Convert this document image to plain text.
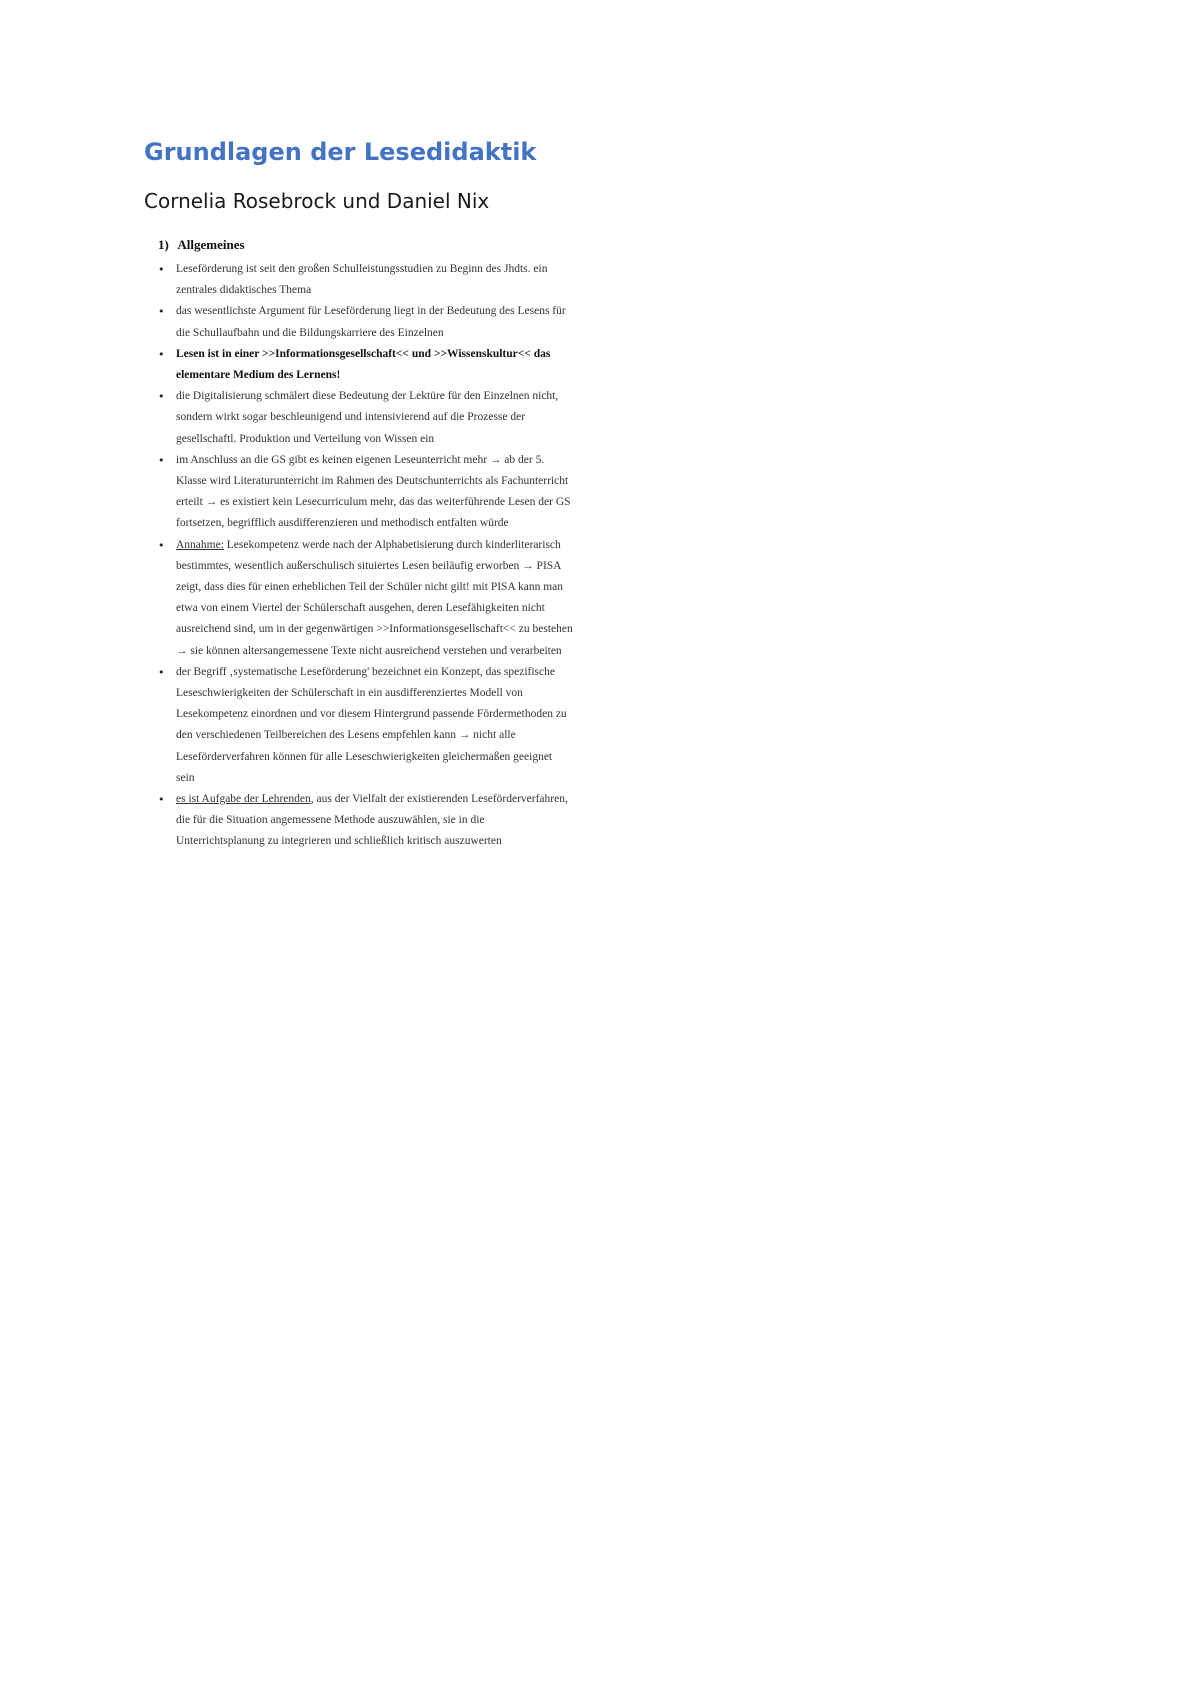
Grundlagen der Lesedidaktik

Cornelia Rosebrock und Daniel Nix

1) Allgemeines
• Leseförderung ist seit den großen Schulleistungsstudien zu Beginn des Jhdts. ein
zentrales didaktisches Thema
• das wesentlichste Argument für Leseförderung liegt in der Bedeutung des Lesens für
die Schullaufbahn und die Bildungskarriere des Einzelnen
• Lesen ist in einer >>Informationsgesellschaft<< und >>Wissenskultur<< das
elementare Medium des Lernens!
• die Digitalisierung schmälert diese Bedeutung der Lektüre für den Einzelnen nicht,
sondern wirkt sogar beschleunigend und intensivierend auf die Prozesse der
gesellschaftl. Produktion und Verteilung von Wissen ein
• im Anschluss an die GS gibt es keinen eigenen Leseunterricht mehr → ab der 5.
Klasse wird Literaturunterricht im Rahmen des Deutschunterrichts als Fachunterricht
erteilt → es existiert kein Lesecurriculum mehr, das das weiterführende Lesen der GS
fortsetzen, begrifflich ausdifferenzieren und methodisch entfalten würde
• Annahme: Lesekompetenz werde nach der Alphabetisierung durch kinderliterarisch
bestimmtes, wesentlich außerschulisch situiertes Lesen beiläufig erworben → PISA
zeigt, dass dies für einen erheblichen Teil der Schüler nicht gilt! mit PISA kann man
etwa von einem Viertel der Schülerschaft ausgehen, deren Lesefähigkeiten nicht
ausreichend sind, um in der gegenwärtigen >>Informationsgesellschaft<< zu bestehen
→ sie können altersangemessene Texte nicht ausreichend verstehen und verarbeiten
• der Begriff ‚systematische Leseförderung' bezeichnet ein Konzept, das spezifische
Leseschwierigkeiten der Schülerschaft in ein ausdifferenziertes Modell von
Lesekompetenz einordnen und vor diesem Hintergrund passende Fördermethoden zu
den verschiedenen Teilbereichen des Lesens empfehlen kann → nicht alle
Leseförderverfahren können für alle Leseschwierigkeiten gleichermaßen geeignet
sein
• es ist Aufgabe der Lehrenden, aus der Vielfalt der existierenden Leseförderverfahren,
die für die Situation angemessene Methode auszuwählen, sie in die
Unterrichtsplanung zu integrieren und schließlich kritisch auszuwerten
